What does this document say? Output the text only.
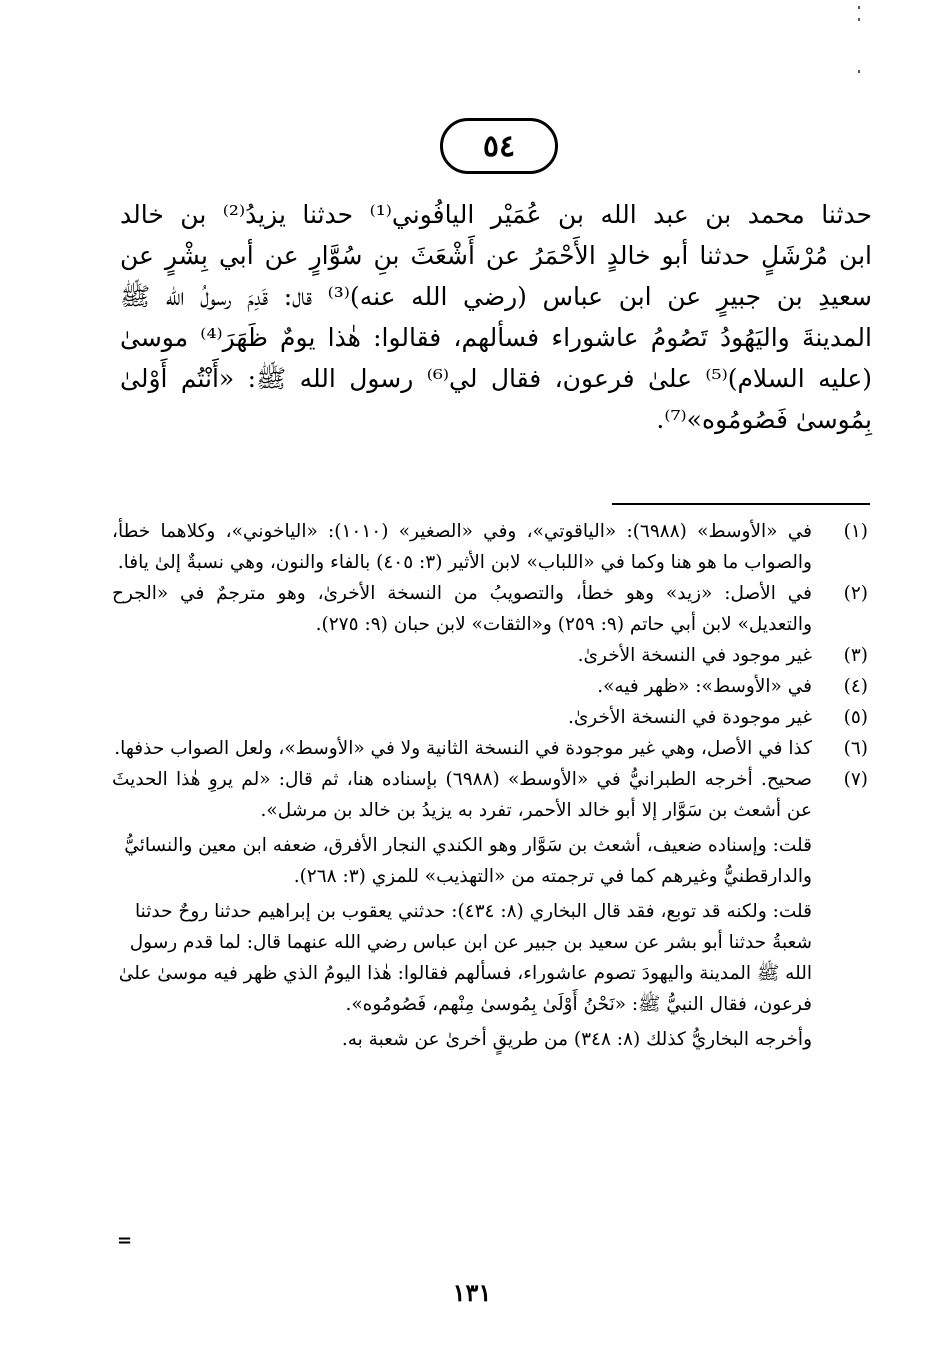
٥٤
حدثنا محمد بن عبد الله بن عُمَيْر اليافُوني⁽¹⁾ حدثنا يزيدُ⁽²⁾ بن خالد
ابن مُرْشَلٍ حدثنا أبو خالدٍ الأَحْمَرُ عن أَشْعَثَ بنِ سُوَّارٍ عن أبي بِشْرٍ عن
سعيدِ بن جبيرٍ عن ابن عباس (رضي الله عنه)⁽³⁾ قال: قَدِمَ رسولُ الله ﷺ
المدينةَ واليَهُودُ تَصُومُ عاشوراء فسألهم، فقالوا: هٰذا يومٌ ظَهَرَ⁽⁴⁾ موسىٰ
(عليه السلام)⁽⁵⁾ علىٰ فرعون، فقال لي⁽⁶⁾ رسول الله ﷺ: «أَنْتُم أَوْلىٰ
بِمُوسىٰ فَصُومُوه»⁽⁷⁾.
(١)

في «الأوسط» (٦٩٨٨): «الياقوتي»، وفي «الصغير» (١٠١٠): «الياخوني»، وكلاهما خطأ، والصواب ما هو هنا وكما في «اللباب» لابن الأثير (٣: ٤٠٥) بالفاء والنون، وهي نسبةٌ إلىٰ يافا.

(٢)

في الأصل: «زيد» وهو خطأ، والتصويبُ من النسخة الأخرىٰ، وهو مترجمٌ في «الجرح والتعديل» لابن أبي حاتم (٩: ٢٥٩) و«الثقات» لابن حبان (٩: ٢٧٥).

(٣)

غير موجود في النسخة الأخرىٰ.

(٤)

في «الأوسط»: «ظهر فيه».

(٥)

غير موجودة في النسخة الأخرىٰ.

(٦)

كذا في الأصل، وهي غير موجودة في النسخة الثانية ولا في «الأوسط»، ولعل الصواب حذفها.

(٧)

صحيح. أخرجه الطبرانيُّ في «الأوسط» (٦٩٨٨) بإسناده هنا، ثم قال: «لم يروِ هٰذا الحديثَ عن أشعث بن سَوَّار إلا أبو خالد الأحمر، تفرد به يزيدُ بن خالد بن مرشل».

قلت: وإسناده ضعيف، أشعث بن سَوَّار وهو الكندي النجار الأفرق، ضعفه ابن معين والنسائيُّ والدارقطنيُّ وغيرهم كما في ترجمته من «التهذيب» للمزي (٣: ٢٦٨).

قلت: ولكنه قد توبع، فقد قال البخاري (٨: ٤٣٤): حدثني يعقوب بن إبراهيم حدثنا روحٌ حدثنا شعبةُ حدثنا أبو بشر عن سعيد بن جبير عن ابن عباس رضي الله عنهما قال: لما قدم رسول الله ﷺ المدينة واليهودَ تصوم عاشوراء، فسألهم فقالوا: هٰذا اليومُ الذي ظهر فيه موسىٰ علىٰ فرعون، فقال النبيُّ ﷺ: «نَحْنُ أَوْلَىٰ بِمُوسىٰ مِنْهم، فَصُومُوه».

وأخرجه البخاريُّ كذلك (٨: ٣٤٨) من طريقٍ أخرىٰ عن شعبة به.

=
١٣١
